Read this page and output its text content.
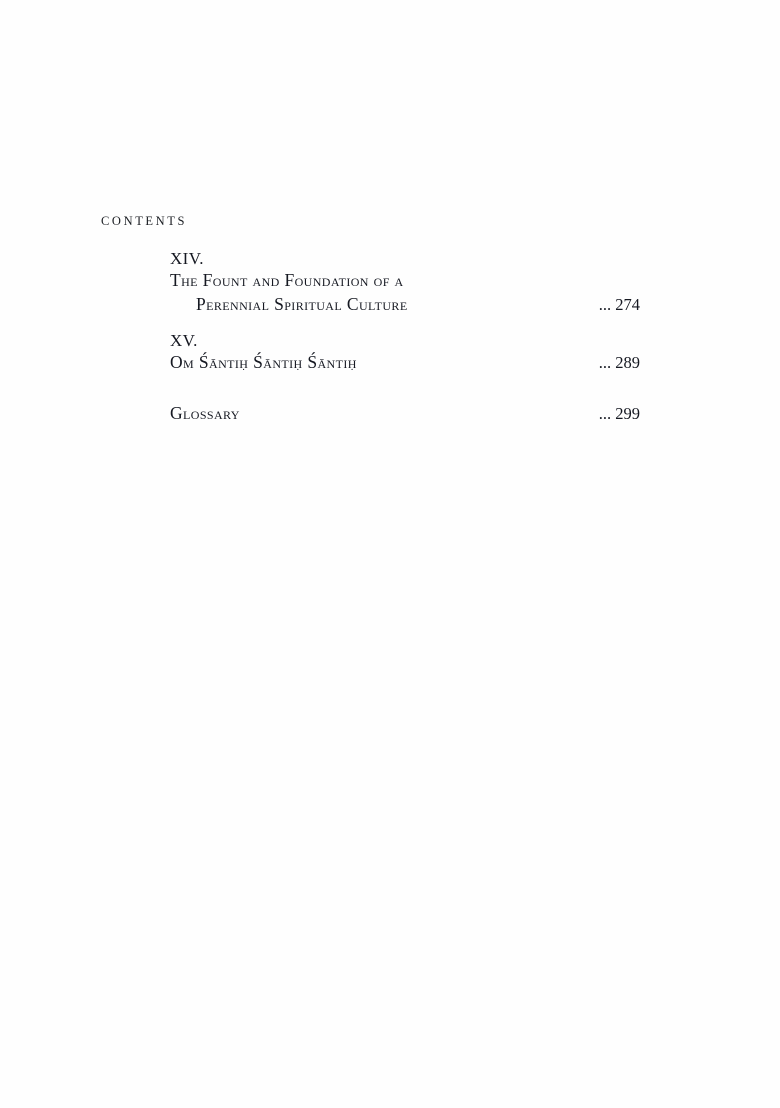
CONTENTS
XIV.
The Fount and Foundation of a
Perennial Spiritual Culture	... 274
XV.
Om Śāntiḥ Śāntiḥ Śāntiḥ	... 289
Glossary	... 299
